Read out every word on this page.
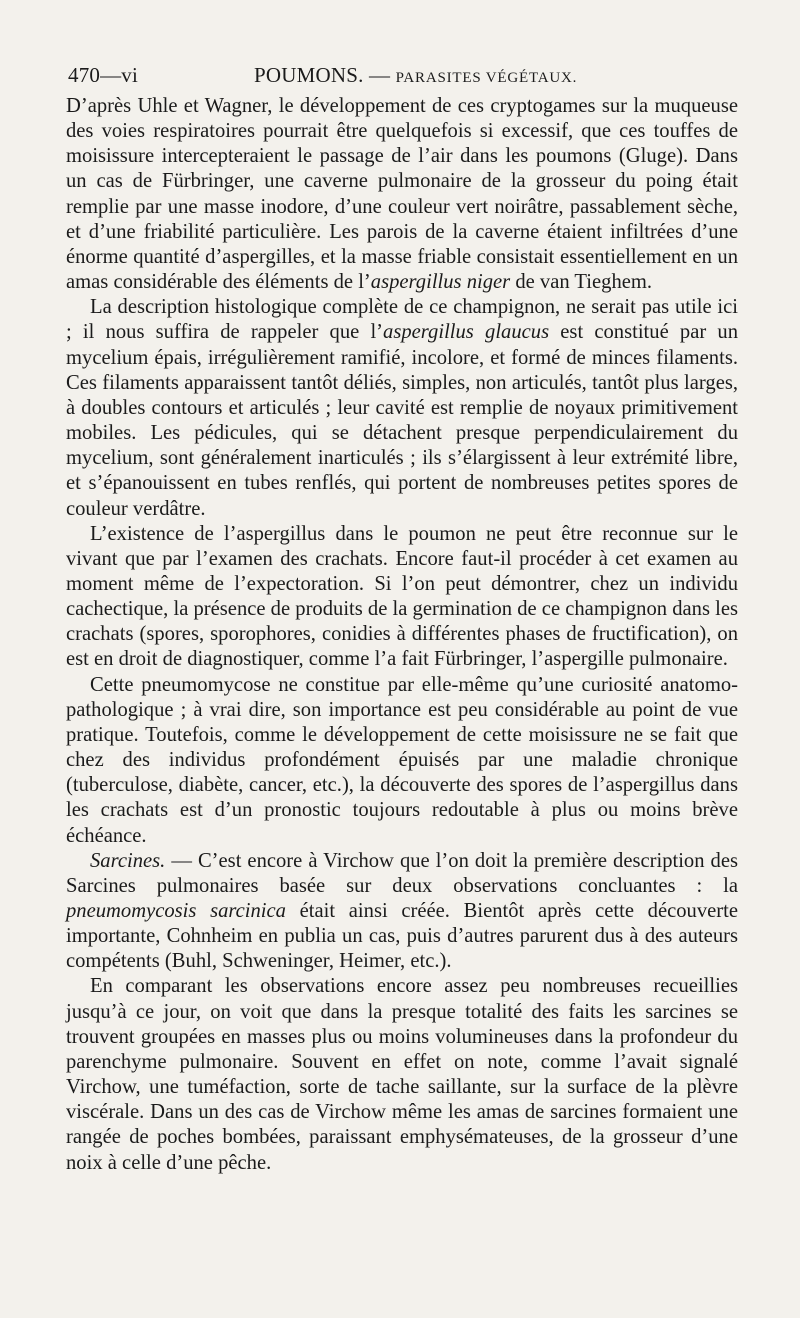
470—vi	POUMONS. — PARASITES VÉGÉTAUX.

D’après Uhle et Wagner, le développement de ces cryptogames sur la muqueuse des voies respiratoires pourrait être quelquefois si excessif, que ces touffes de moisissure intercepteraient le passage de l’air dans les poumons (Gluge). Dans un cas de Fürbringer, une caverne pulmonaire de la grosseur du poing était remplie par une masse inodore, d’une couleur vert noirâtre, passablement sèche, et d’une friabilité particulière. Les parois de la caverne étaient infiltrées d’une énorme quantité d’aspergilles, et la masse friable consistait essentiellement en un amas considérable des éléments de l’aspergillus niger de van Tieghem.

La description histologique complète de ce champignon, ne serait pas utile ici ; il nous suffira de rappeler que l’aspergillus glaucus est constitué par un mycelium épais, irrégulièrement ramifié, incolore, et formé de minces filaments. Ces filaments apparaissent tantôt déliés, simples, non articulés, tantôt plus larges, à doubles contours et articulés ; leur cavité est remplie de noyaux primitivement mobiles. Les pédicules, qui se détachent presque perpendiculairement du mycelium, sont généralement inarticulés ; ils s’élargissent à leur extrémité libre, et s’épanouissent en tubes renflés, qui portent de nombreuses petites spores de couleur verdâtre.

L’existence de l’aspergillus dans le poumon ne peut être reconnue sur le vivant que par l’examen des crachats. Encore faut-il procéder à cet examen au moment même de l’expectoration. Si l’on peut démontrer, chez un individu cachectique, la présence de produits de la germination de ce champignon dans les crachats (spores, sporophores, conidies à différentes phases de fructification), on est en droit de diagnostiquer, comme l’a fait Fürbringer, l’aspergille pulmonaire.

Cette pneumomycose ne constitue par elle-même qu’une curiosité anatomo-pathologique ; à vrai dire, son importance est peu considérable au point de vue pratique. Toutefois, comme le développement de cette moisissure ne se fait que chez des individus profondément épuisés par une maladie chronique (tuberculose, diabète, cancer, etc.), la découverte des spores de l’aspergillus dans les crachats est d’un pronostic toujours redoutable à plus ou moins brève échéance.

Sarcines. — C’est encore à Virchow que l’on doit la première description des Sarcines pulmonaires basée sur deux observations concluantes : la pneumomycosis sarcinica était ainsi créée. Bientôt après cette découverte importante, Cohnheim en publia un cas, puis d’autres parurent dus à des auteurs compétents (Buhl, Schweninger, Heimer, etc.).

En comparant les observations encore assez peu nombreuses recueillies jusqu’à ce jour, on voit que dans la presque totalité des faits les sarcines se trouvent groupées en masses plus ou moins volumineuses dans la profondeur du parenchyme pulmonaire. Souvent en effet on note, comme l’avait signalé Virchow, une tuméfaction, sorte de tache saillante, sur la surface de la plèvre viscérale. Dans un des cas de Virchow même les amas de sarcines formaient une rangée de poches bombées, paraissant emphysémateuses, de la grosseur d’une noix à celle d’une pêche.
